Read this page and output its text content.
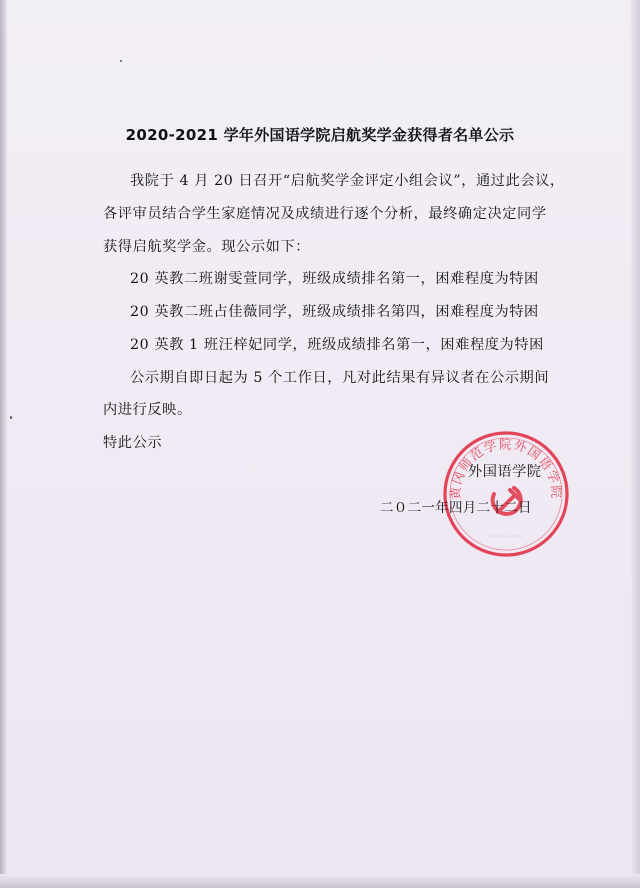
2020-2021 学年外国语学院启航奖学金获得者名单公示
我院于 4 月 20 日召开“启航奖学金评定小组会议”，通过此会议，
各评审员结合学生家庭情况及成绩进行逐个分析，最终确定决定同学
获得启航奖学金。现公示如下：
20 英教二班谢雯萱同学，班级成绩排名第一，困难程度为特困
20 英教二班占佳薇同学，班级成绩排名第四，困难程度为特困
20 英教 1 班汪梓妃同学，班级成绩排名第一，困难程度为特困
公示期自即日起为 5 个工作日，凡对此结果有异议者在公示期间
内进行反映。
特此公示
黄冈师范学院外国语学院
·········
外国语学院
二０二一年四月二十二日
